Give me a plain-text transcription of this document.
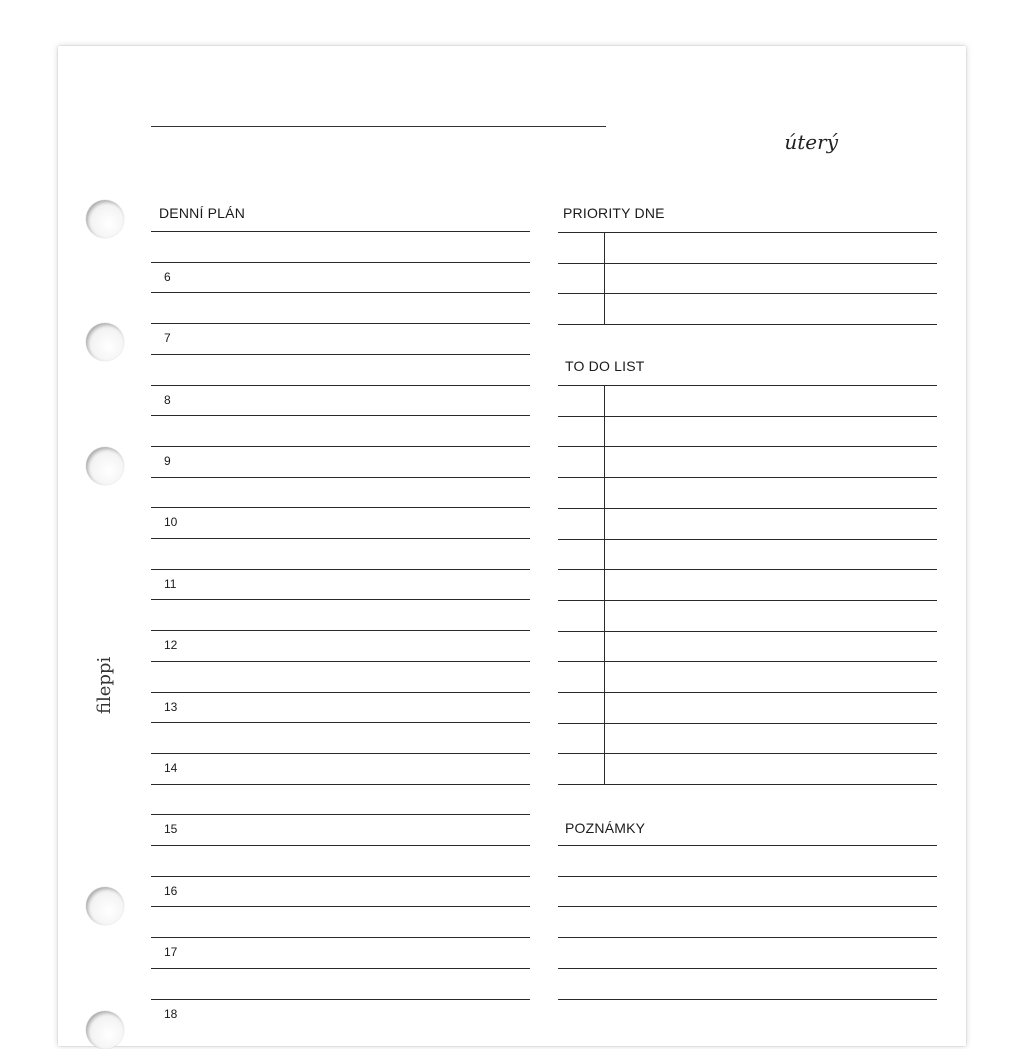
úterý
fileppi
DENNÍ PLÁN	PRIORITY DNE
TO DO LIST
POZNÁMKY
6
7
8
9
10
11
12
13
14
15
16
17
18
